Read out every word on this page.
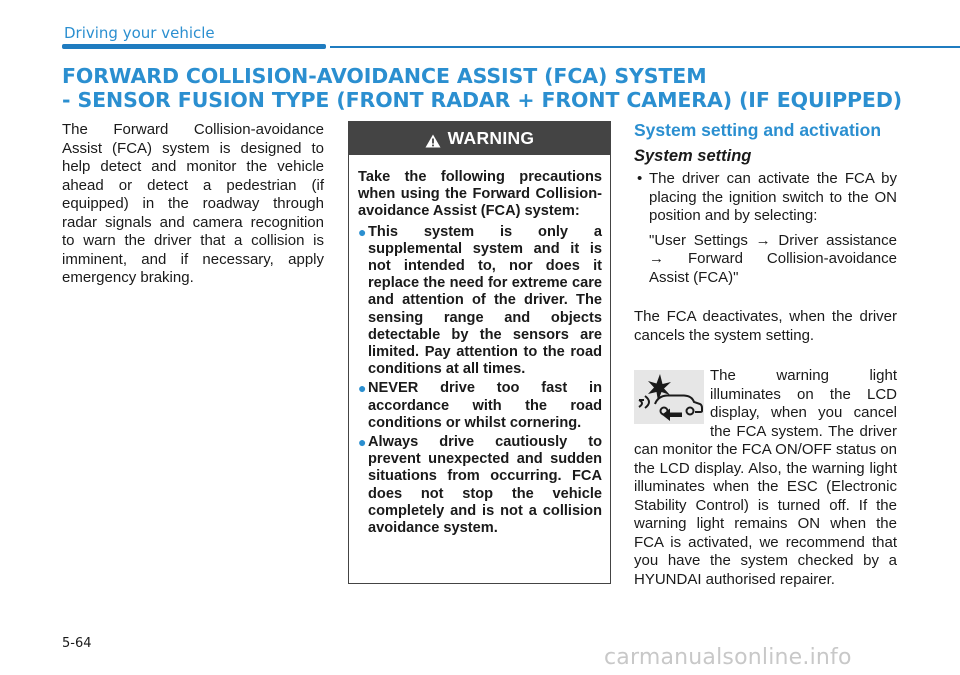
Driving your vehicle
FORWARD COLLISION-AVOIDANCE ASSIST (FCA) SYSTEM
- SENSOR FUSION TYPE (FRONT RADAR + FRONT CAMERA) (IF EQUIPPED)
The Forward Collision-avoidance Assist (FCA) system is designed to help detect and monitor the vehicle ahead or detect a pedestrian (if equipped) in the roadway through radar signals and camera recognition to warn the driver that a collision is imminent, and if necessary, apply emergency braking.
WARNING
Take the following precautions when using the Forward Collision-avoidance Assist (FCA) system:
● This system is only a supplemental system and it is not intended to, nor does it replace the need for extreme care and attention of the driver. The sensing range and objects detectable by the sensors are limited. Pay attention to the road conditions at all times.
● NEVER drive too fast in accordance with the road conditions or whilst cornering.
● Always drive cautiously to prevent unexpected and sudden situations from occurring. FCA does not stop the vehicle completely and is not a collision avoidance system.
System setting and activation
System setting
• The driver can activate the FCA by placing the ignition switch to the ON position and by selecting:
"User Settings → Driver assistance → Forward Collision-avoidance Assist (FCA)"
The FCA deactivates, when the driver cancels the system setting.
The warning light illuminates on the LCD display, when you cancel the FCA system. The driver can monitor the FCA ON/OFF status on the LCD display. Also, the warning light illuminates when the ESC (Electronic Stability Control) is turned off. If the warning light remains ON when the FCA is activated, we recommend that you have the system checked by a HYUNDAI authorised repairer.
5-64
carmanualsonline.info
